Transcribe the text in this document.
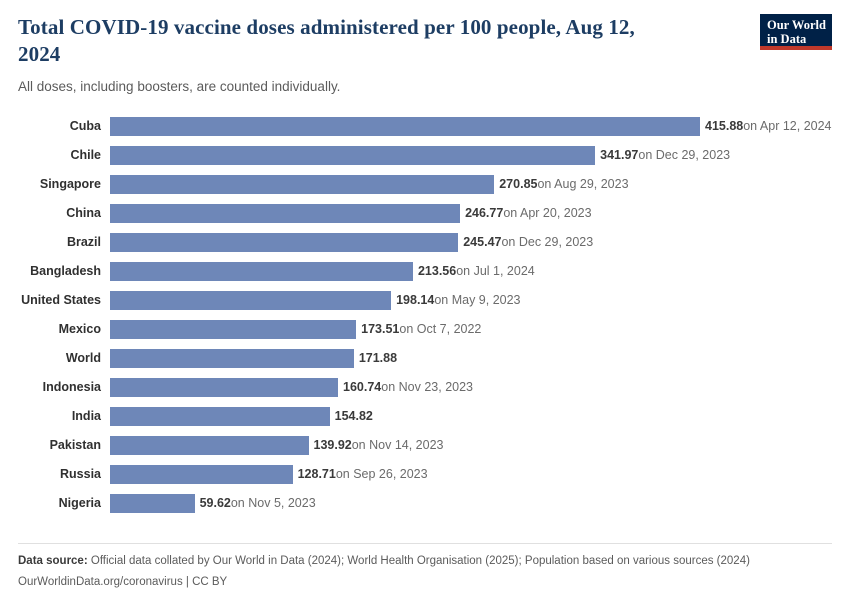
Total COVID-19 vaccine doses administered per 100 people, Aug 12, 2024

All doses, including boosters, are counted individually.

Our World
in Data
Cuba	415.88on Apr 12, 2024
Chile	341.97on Dec 29, 2023
Singapore	270.85on Aug 29, 2023
China	246.77on Apr 20, 2023
Brazil	245.47on Dec 29, 2023
Bangladesh	213.56on Jul 1, 2024
United States	198.14on May 9, 2023
Mexico	173.51on Oct 7, 2022
World	171.88
Indonesia	160.74on Nov 23, 2023
India	154.82
Pakistan	139.92on Nov 14, 2023
Russia	128.71on Sep 26, 2023
Nigeria	59.62on Nov 5, 2023

Data source: Official data collated by Our World in Data (2024); World Health Organisation (2025); Population based on various sources (2024)

OurWorldinData.org/coronavirus | CC BY
